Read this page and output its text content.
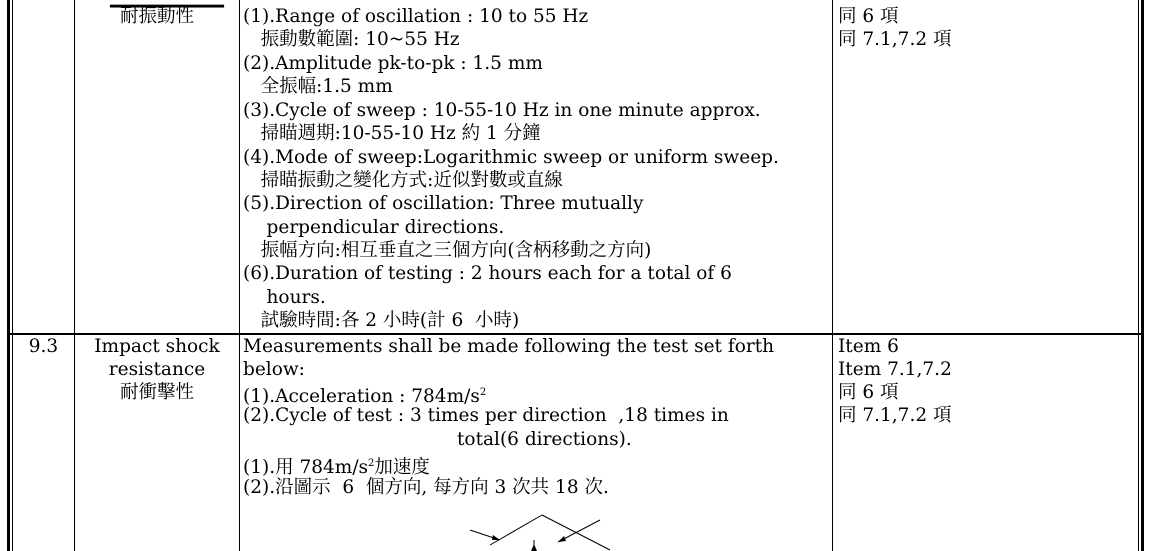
耐振動性	(1).Range of oscillation : 10 to 55 Hz
振動數範圍: 10~55 Hz
(2).Amplitude pk-to-pk : 1.5 mm
全振幅:1.5 mm
(3).Cycle of sweep : 10-55-10 Hz in one minute approx.
掃瞄週期:10-55-10 Hz 約 1 分鐘
(4).Mode of sweep:Logarithmic sweep or uniform sweep.
掃瞄振動之變化方式:近似對數或直線
(5).Direction of oscillation: Three mutually
perpendicular directions.
振幅方向:相互垂直之三個方向(含柄移動之方向)
(6).Duration of testing : 2 hours each for a total of 6
hours.
試驗時間:各 2 小時(計 6  小時)
同 6 項
同 7.1,7.2 項
9.3	Impact shock
resistance
耐衝擊性
Measurements shall be made following the test set forth
below:
(1).Acceleration : $784m/s^2$
(2).Cycle of test : 3 times per direction  ,18 times in
total(6 directions).
(1).用 $784m/s^2$加速度
(2).沿圖示  6  個方向, 每方向 3 次共 18 次.
Item 6
Item 7.1,7.2
同 6 項
同 7.1,7.2 項
